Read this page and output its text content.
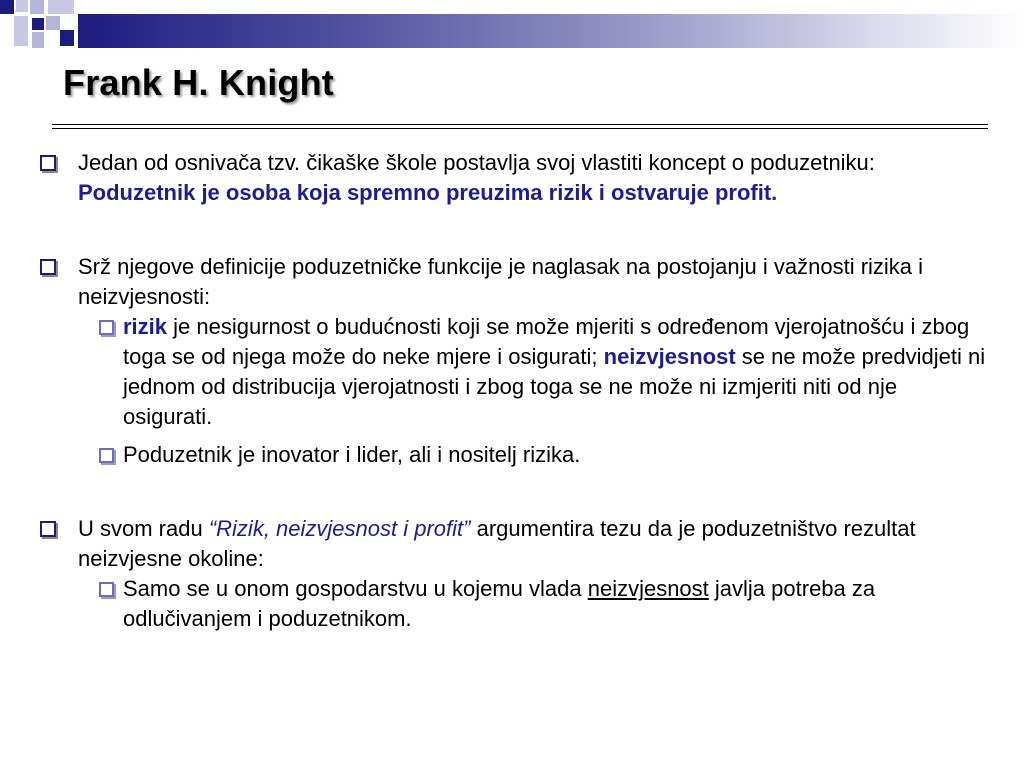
Frank H. Knight
Jedan od osnivača tzv. čikaške škole postavlja svoj vlastiti koncept o poduzetniku: Poduzetnik je osoba koja spremno preuzima rizik i ostvaruje profit.
Srž njegove definicije poduzetničke funkcije je naglasak na postojanju i važnosti rizika i neizvjesnosti:
rizik je nesigurnost o budućnosti koji se može mjeriti s određenom vjerojatnošću i zbog toga se od njega može do neke mjere i osigurati; neizvjesnost se ne može predvidjeti ni jednom od distribucija vjerojatnosti i zbog toga se ne može ni izmjeriti niti od nje osigurati.
Poduzetnik je inovator i lider, ali i nositelj rizika.
U svom radu “Rizik, neizvjesnost i profit” argumentira tezu da je poduzetništvo rezultat neizvjesne okoline:
Samo se u onom gospodarstvu u kojemu vlada neizvjesnost javlja potreba za odlučivanjem i poduzetnikom.
